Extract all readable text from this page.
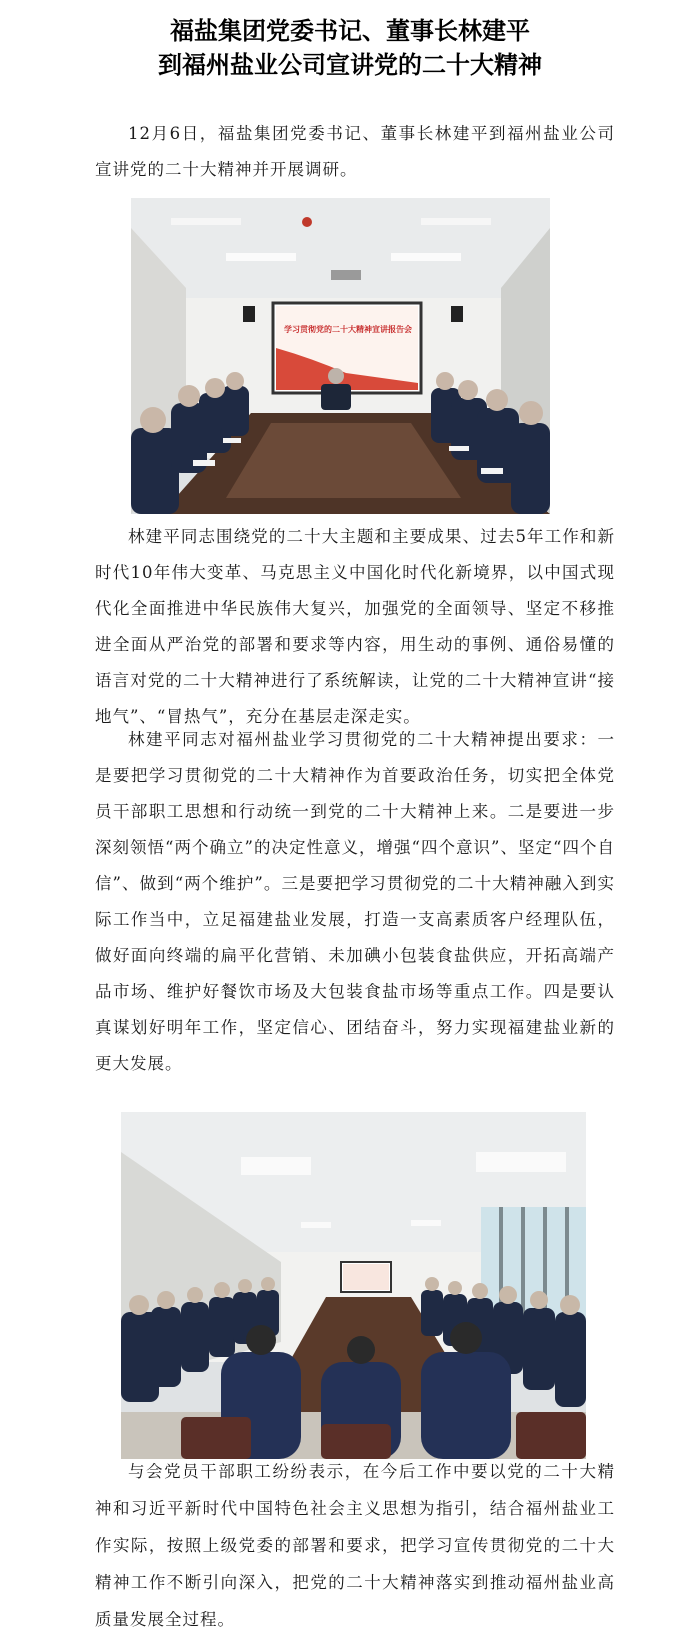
福盐集团党委书记、董事长林建平
到福州盐业公司宣讲党的二十大精神

12月6日，福盐集团党委书记、董事长林建平到福州盐业公司宣讲党的二十大精神并开展调研。

学习贯彻党的二十大精神宣讲报告会

林建平同志围绕党的二十大主题和主要成果、过去5年工作和新时代10年伟大变革、马克思主义中国化时代化新境界，以中国式现代化全面推进中华民族伟大复兴，加强党的全面领导、坚定不移推进全面从严治党的部署和要求等内容，用生动的事例、通俗易懂的语言对党的二十大精神进行了系统解读，让党的二十大精神宣讲“接地气”、“冒热气”，充分在基层走深走实。

林建平同志对福州盐业学习贯彻党的二十大精神提出要求：一是要把学习贯彻党的二十大精神作为首要政治任务，切实把全体党员干部职工思想和行动统一到党的二十大精神上来。二是要进一步深刻领悟“两个确立”的决定性意义，增强“四个意识”、坚定“四个自信”、做到“两个维护”。三是要把学习贯彻党的二十大精神融入到实际工作当中，立足福建盐业发展，打造一支高素质客户经理队伍，做好面向终端的扁平化营销、未加碘小包装食盐供应，开拓高端产品市场、维护好餐饮市场及大包装食盐市场等重点工作。四是要认真谋划好明年工作，坚定信心、团结奋斗，努力实现福建盐业新的更大发展。

与会党员干部职工纷纷表示，在今后工作中要以党的二十大精神和习近平新时代中国特色社会主义思想为指引，结合福州盐业工作实际，按照上级党委的部署和要求，把学习宣传贯彻党的二十大精神工作不断引向深入，把党的二十大精神落实到推动福州盐业高质量发展全过程。
